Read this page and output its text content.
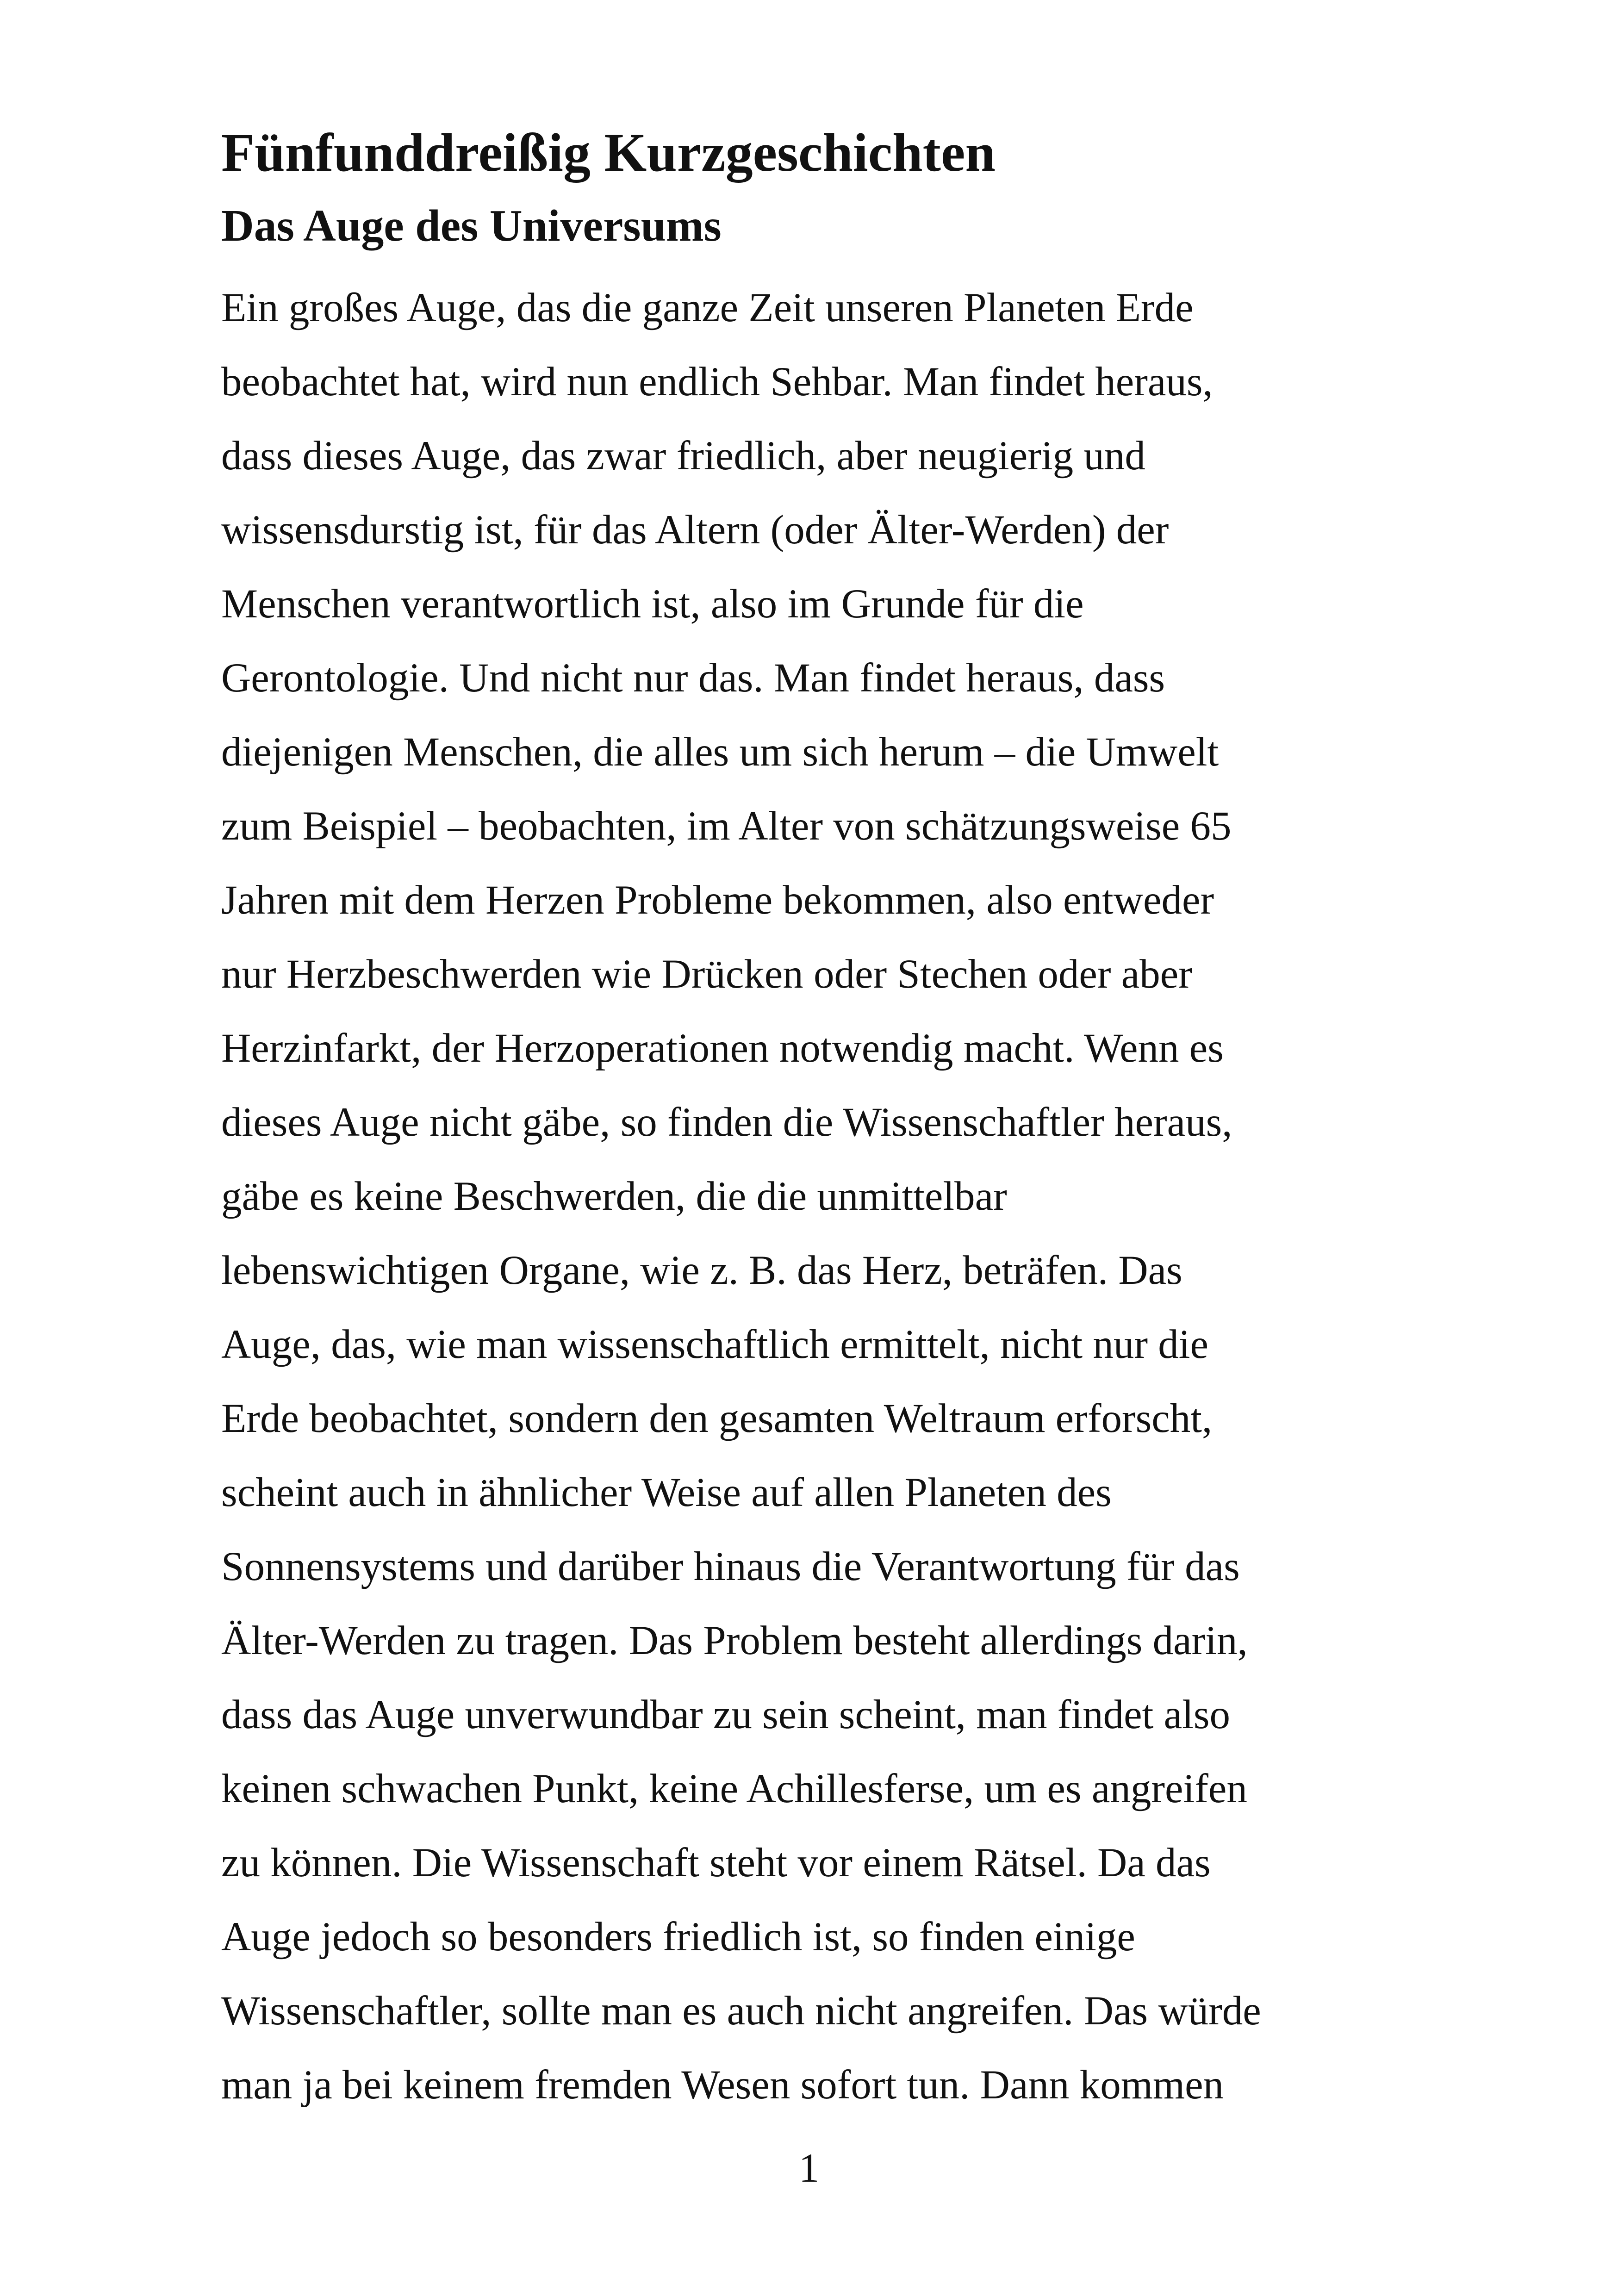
Fünfunddreißig Kurzgeschichten
Das Auge des Universums
Ein großes Auge, das die ganze Zeit unseren Planeten Erde
beobachtet hat, wird nun endlich Sehbar. Man findet heraus,
dass dieses Auge, das zwar friedlich, aber neugierig und
wissensdurstig ist, für das Altern (oder Älter-Werden) der
Menschen verantwortlich ist, also im Grunde für die
Gerontologie. Und nicht nur das. Man findet heraus, dass
diejenigen Menschen, die alles um sich herum – die Umwelt
zum Beispiel – beobachten, im Alter von schätzungsweise 65
Jahren mit dem Herzen Probleme bekommen, also entweder
nur Herzbeschwerden wie Drücken oder Stechen oder aber
Herzinfarkt, der Herzoperationen notwendig macht. Wenn es
dieses Auge nicht gäbe, so finden die Wissenschaftler heraus,
gäbe es keine Beschwerden, die die unmittelbar
lebenswichtigen Organe, wie z. B. das Herz, beträfen. Das
Auge, das, wie man wissenschaftlich ermittelt, nicht nur die
Erde beobachtet, sondern den gesamten Weltraum erforscht,
scheint auch in ähnlicher Weise auf allen Planeten des
Sonnensystems und darüber hinaus die Verantwortung für das
Älter-Werden zu tragen. Das Problem besteht allerdings darin,
dass das Auge unverwundbar zu sein scheint, man findet also
keinen schwachen Punkt, keine Achillesferse, um es angreifen
zu können. Die Wissenschaft steht vor einem Rätsel. Da das
Auge jedoch so besonders friedlich ist, so finden einige
Wissenschaftler, sollte man es auch nicht angreifen. Das würde
man ja bei keinem fremden Wesen sofort tun. Dann kommen
1
